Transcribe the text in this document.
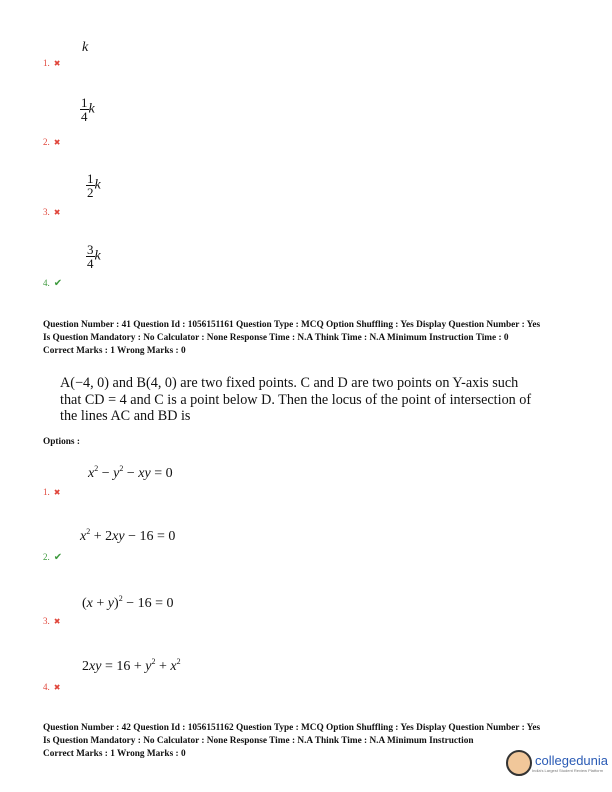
k
1. ✖
$\frac{1}{4}$ k
2. ✖
$\frac{1}{2}$ k
3. ✖
$\frac{3}{4}$ k
4. ✔
Question Number : 41 Question Id : 1056151161 Question Type : MCQ Option Shuffling : Yes Display Question Number : Yes
Is Question Mandatory : No Calculator : None Response Time : N.A Think Time : N.A Minimum Instruction Time : 0
Correct Marks : 1 Wrong Marks : 0
A(−4, 0) and B(4, 0) are two fixed points. C and D are two points on Y-axis such that CD = 4 and C is a point below D. Then the locus of the point of intersection of the lines AC and BD is
Options :
$x^2 - y^2$ − xy = 0
1. ✖
$x^2 + 2xy - 16 = 0$
2. ✔
$(x + y)^2 - 16 = 0$
3. ✖
$2xy = 16 + y^2 + x^2$
4. ✖
Question Number : 42 Question Id : 1056151162 Question Type : MCQ Option Shuffling : Yes Display Question Number : Yes
Is Question Mandatory : No Calculator : None Response Time : N.A Think Time : N.A Minimum Instruction
Correct Marks : 1 Wrong Marks : 0	collegedunia
India's Largest Student Review Platform
